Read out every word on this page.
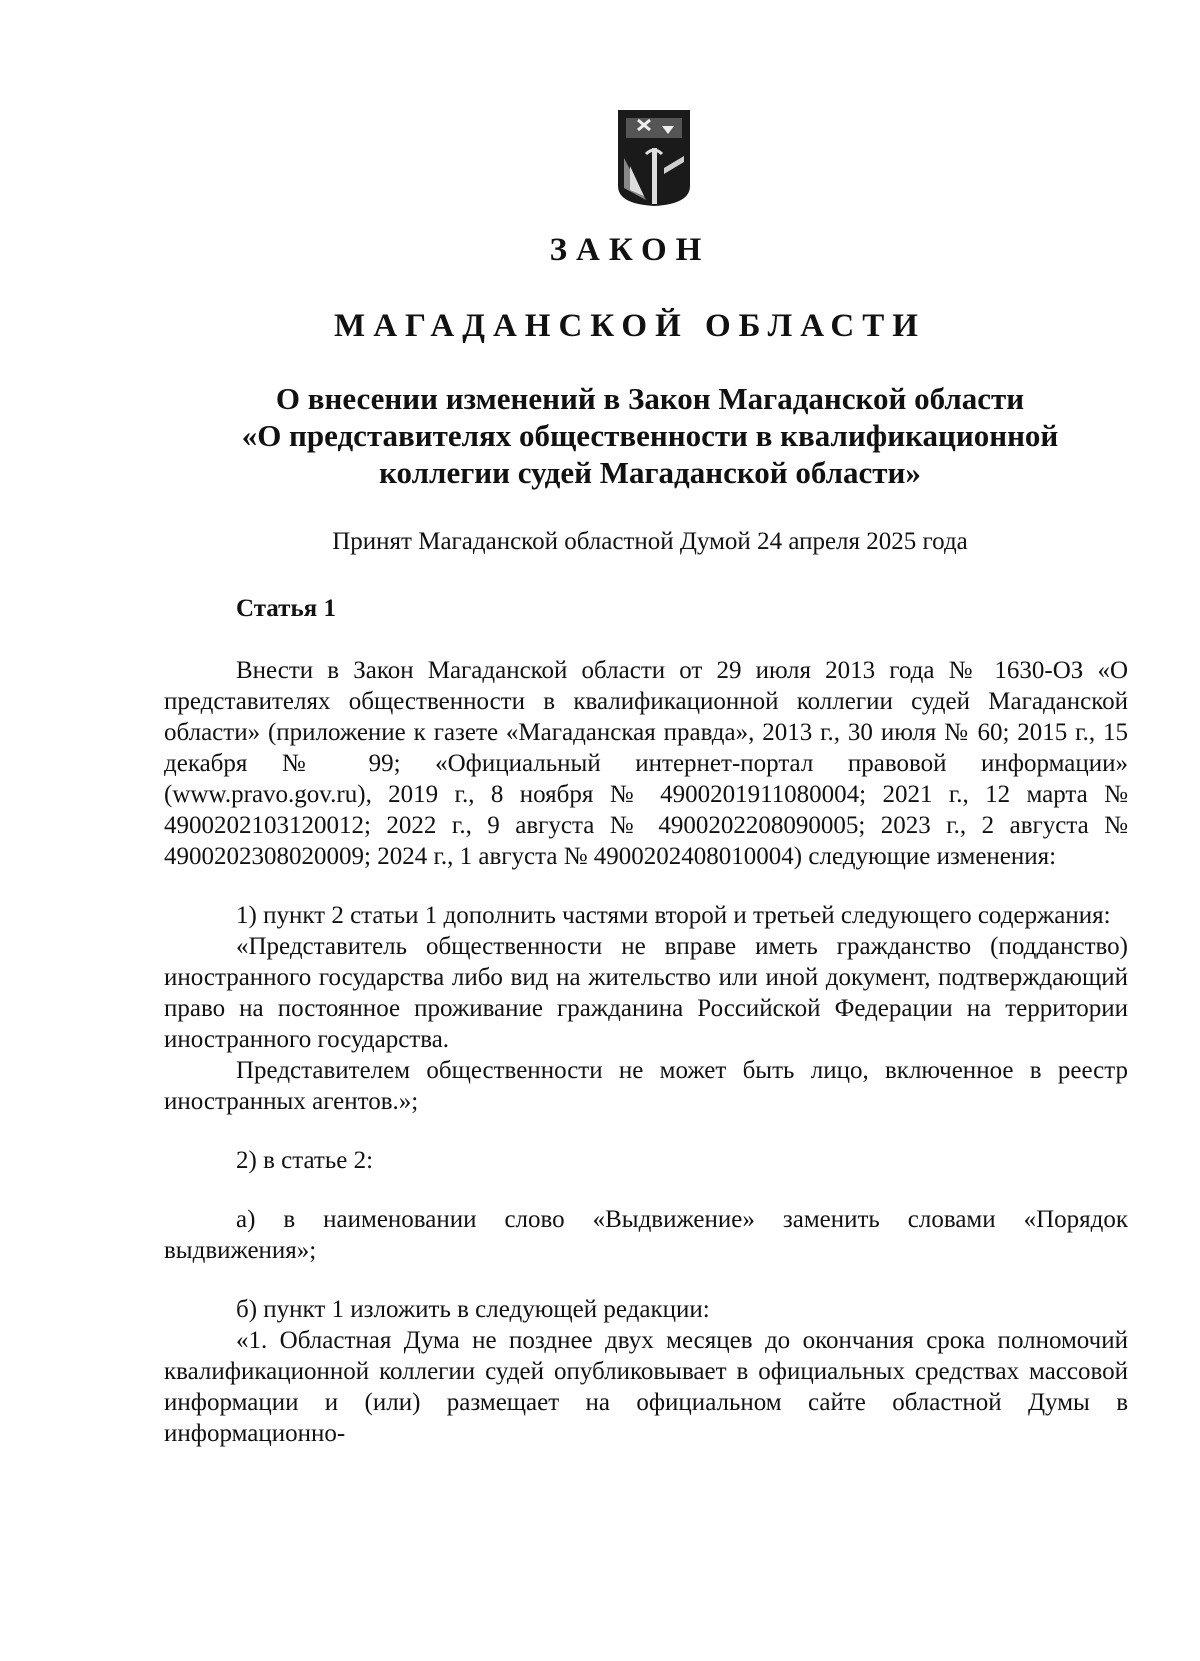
ЗАКОН
МАГАДАНСКОЙ ОБЛАСТИ
О внесении изменений в Закон Магаданской области
«О представителях общественности в квалификационной
коллегии судей Магаданской области»
Принят Магаданской областной Думой 24 апреля 2025 года
Статья 1

Внести в Закон Магаданской области от 29 июля 2013 года № 1630-ОЗ «О представителях общественности в квалификационной коллегии судей Магаданской области» (приложение к газете «Магаданская правда», 2013 г., 30 июля № 60; 2015 г., 15 декабря № 99; «Официальный интернет-портал правовой информации» (www.pravo.gov.ru), 2019 г., 8 ноября № 4900201911080004; 2021 г., 12 марта № 4900202103120012; 2022 г., 9 августа № 4900202208090005; 2023 г., 2 августа № 4900202308020009; 2024 г., 1 августа № 4900202408010004) следующие изменения:

1) пункт 2 статьи 1 дополнить частями второй и третьей следующего содержания:

«Представитель общественности не вправе иметь гражданство (подданство) иностранного государства либо вид на жительство или иной документ, подтверждающий право на постоянное проживание гражданина Российской Федерации на территории иностранного государства.

Представителем общественности не может быть лицо, включенное в реестр иностранных агентов.»;

2) в статье 2:

а) в наименовании слово «Выдвижение» заменить словами «Порядок выдвижения»;

б) пункт 1 изложить в следующей редакции:

«1. Областная Дума не позднее двух месяцев до окончания срока полномочий квалификационной коллегии судей опубликовывает в официальных средствах массовой информации и (или) размещает на официальном сайте областной Думы в информационно-
